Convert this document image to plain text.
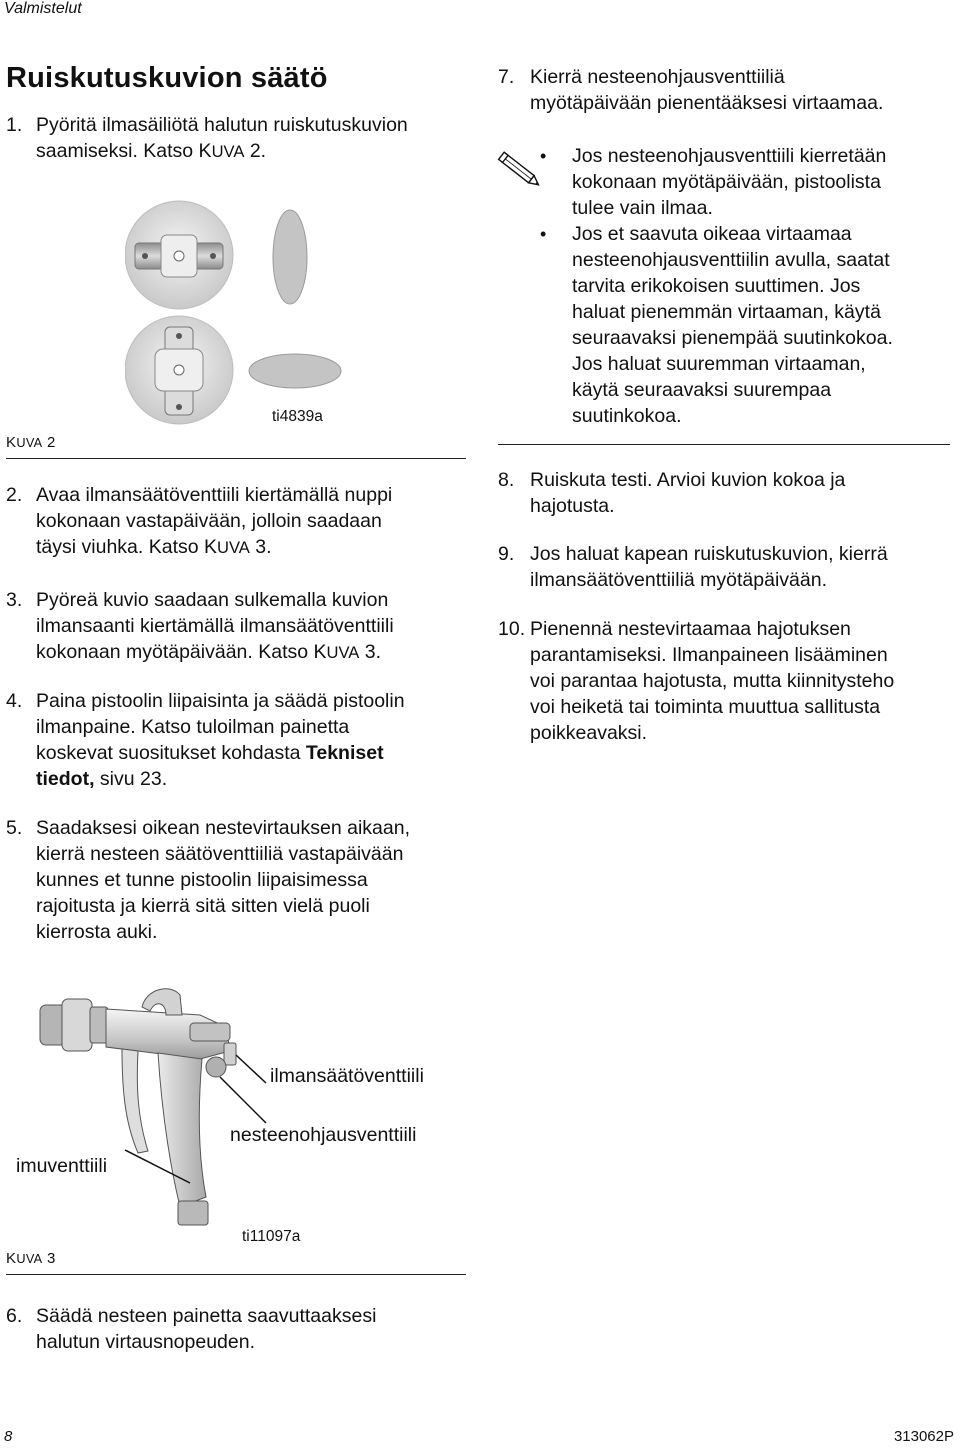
Valmistelut
Ruiskutuskuvion säätö
1. Pyöritä ilmasäiliötä halutun ruiskutuskuvion
saamiseksi. Katso KUVA 2.
ti4839a
KUVA 2
2. Avaa ilmansäätöventtiili kiertämällä nuppi
kokonaan vastapäivään, jolloin saadaan
täysi viuhka. Katso KUVA 3.
3. Pyöreä kuvio saadaan sulkemalla kuvion
ilmansaanti kiertämällä ilmansäätöventtiili
kokonaan myötäpäivään. Katso KUVA 3.
4. Paina pistoolin liipaisinta ja säädä pistoolin
ilmanpaine. Katso tuloilman painetta
koskevat suositukset kohdasta Tekniset
tiedot, sivu 23.
5. Saadaksesi oikean nestevirtauksen aikaan,
kierrä nesteen säätöventtiiliä vastapäivään
kunnes et tunne pistoolin liipaisimessa
rajoitusta ja kierrä sitä sitten vielä puoli
kierrosta auki.
ilmansäätöventtiili
nesteenohjausventtiili
imuventtiili
ti11097a
KUVA 3
6. Säädä nesteen painetta saavuttaaksesi
halutun virtausnopeuden.
7. Kierrä nesteenohjausventtiiliä
myötäpäivään pienentääksesi virtaamaa.
• Jos nesteenohjausventtiili kierretään
kokonaan myötäpäivään, pistoolista
tulee vain ilmaa.
• Jos et saavuta oikeaa virtaamaa
nesteenohjausventtiilin avulla, saatat
tarvita erikokoisen suuttimen. Jos
haluat pienemmän virtaaman, käytä
seuraavaksi pienempää suutinkokoa.
Jos haluat suuremman virtaaman,
käytä seuraavaksi suurempaa
suutinkokoa.
8. Ruiskuta testi. Arvioi kuvion kokoa ja
hajotusta.
9. Jos haluat kapean ruiskutuskuvion, kierrä
ilmansäätöventtiiliä myötäpäivään.
10. Pienennä nestevirtaamaa hajotuksen
parantamiseksi. Ilmanpaineen lisääminen
voi parantaa hajotusta, mutta kiinnitysteho
voi heiketä tai toiminta muuttua sallitusta
poikkeavaksi.
8	313062P
